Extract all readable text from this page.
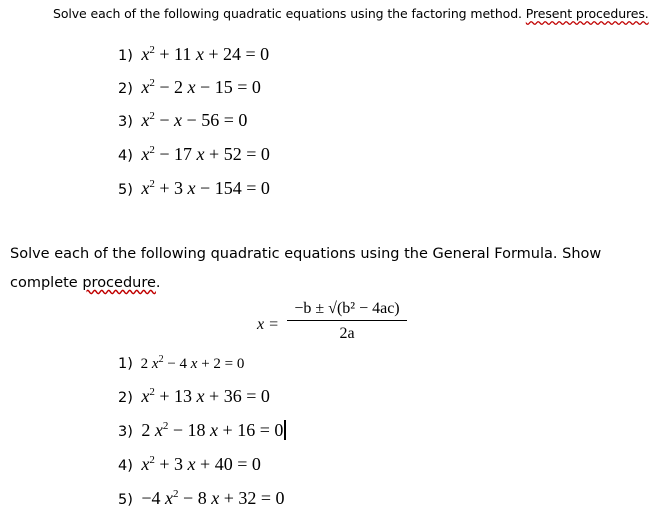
Solve each of the following quadratic equations using the factoring method. Present procedures.
1) $x^2 + 11$ x + 24 = 0
2) $x^2 - 2$ x − 15 = 0
3) $x^2 - x - 56 = 0$
4) $x^2 - 17$ x + 52 = 0
5) $x^2 + 3$ x − 154 = 0
Solve each of the following quadratic equations using the General Formula. Show complete procedure.
$x = \frac{\text{−b ± √(b² − 4ac)}}{2a}$
1) 2 $x^2 - 4$ x + 2 = 0
2) $x^2 + 13$ x + 36 = 0
3) 2 $x^2 - 18$ x + 16 = 0
4) $x^2 + 3$ x + 40 = 0
5) −4 $x^2 - 8$ x + 32 = 0
